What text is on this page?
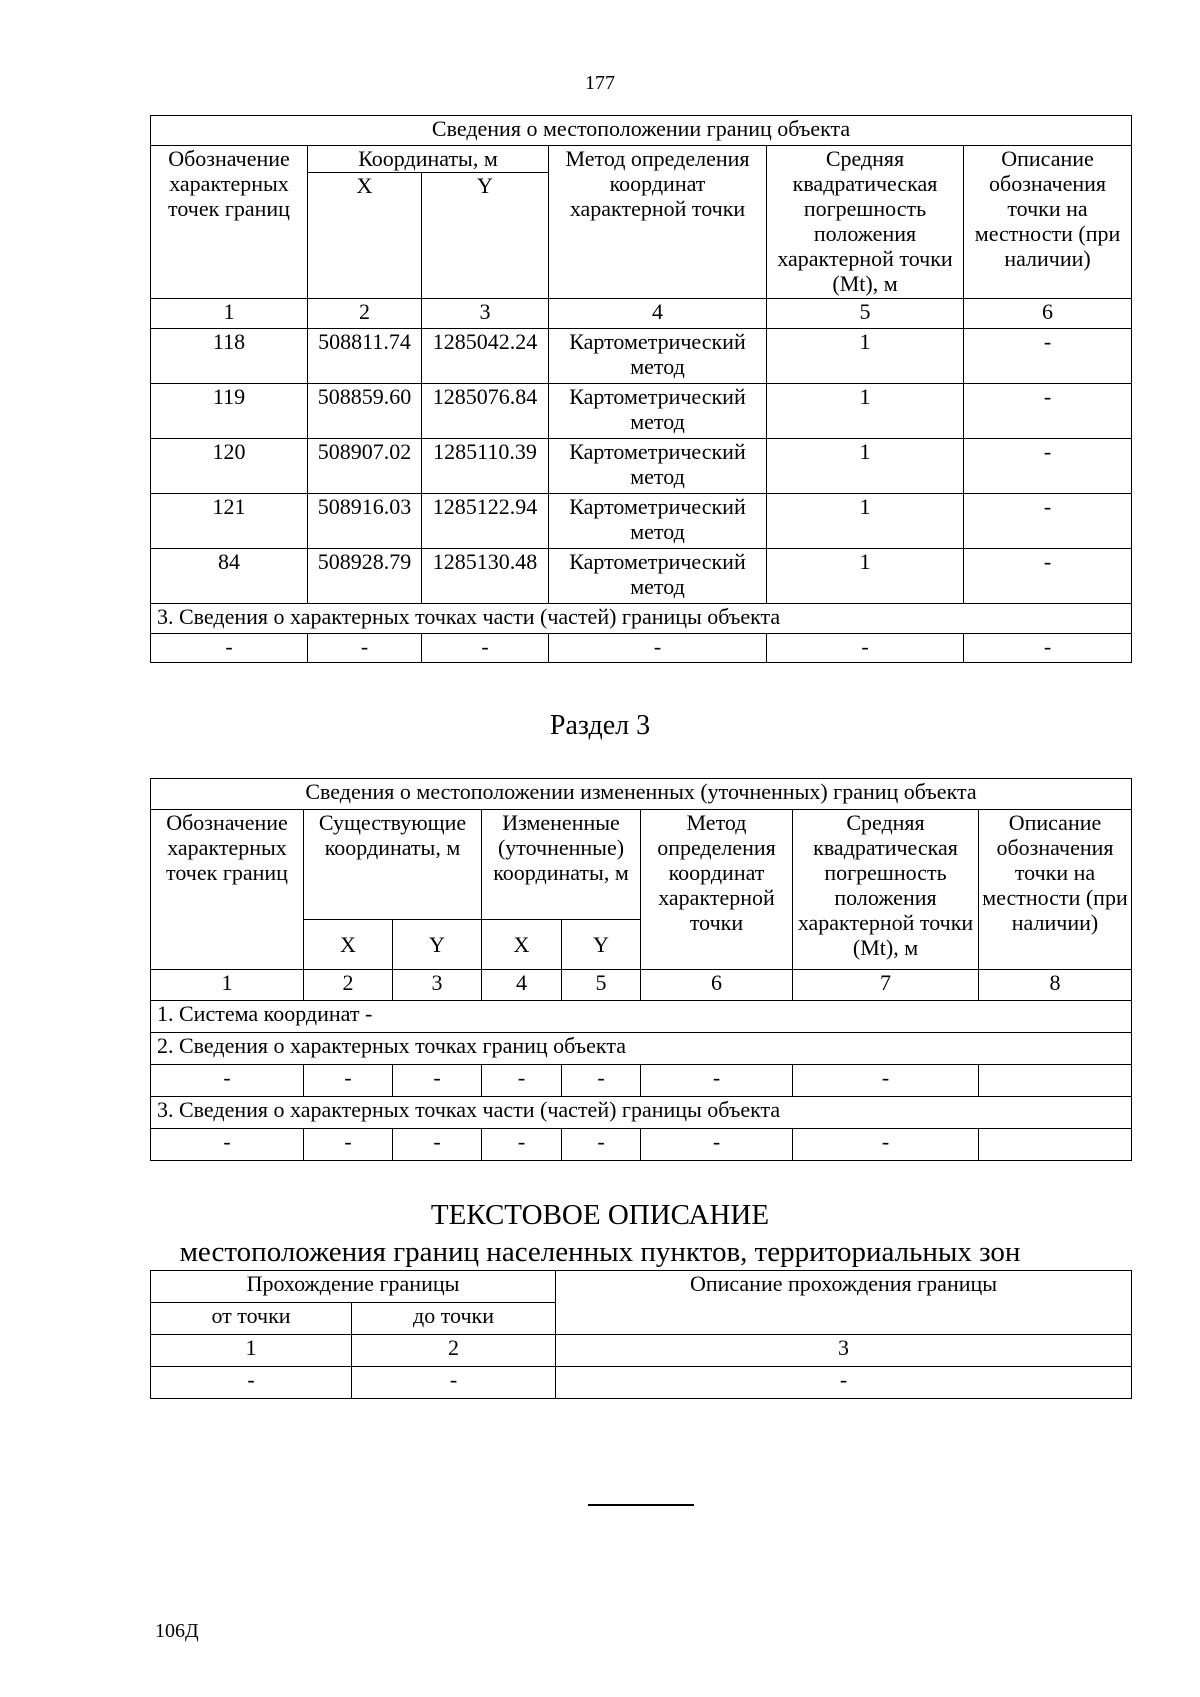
177
Сведения о местоположении границ объекта					
Обозначение характерных точек границ	Координаты, м		Метод определения координат характерной точки	Средняя квадратическая погрешность положения характерной точки (Mt), м	Описание обозначения точки на местности (при наличии)
	X	Y			
1	2	3	4	5	6
118	508811.74	1285042.24	Картометрический метод	1	-
119	508859.60	1285076.84	Картометрический метод	1	-
120	508907.02	1285110.39	Картометрический метод	1	-
121	508916.03	1285122.94	Картометрический метод	1	-
84	508928.79	1285130.48	Картометрический метод	1	-
3. Сведения о характерных точках части (частей) границы объекта					
-	-	-	-	-	-
Раздел 3
Сведения о местоположении измененных (уточненных) границ объекта							
Обозначение характерных точек границ	Существующие координаты, м		Измененные (уточненные) координаты, м		Метод определения координат характерной точки	Средняя квадратическая погрешность положения характерной точки (Mt), м	Описание обозначения точки на местности (при наличии)
	X	Y	X	Y			
1	2	3	4	5	6	7	8
1. Система координат -							
2. Сведения о характерных точках границ объекта							
-	-	-	-	-	-	-	
3. Сведения о характерных точках части (частей) границы объекта							
-	-	-	-	-	-	-	
ТЕКСТОВОЕ ОПИСАНИЕ
местоположения границ населенных пунктов, территориальных зон
Прохождение границы		Описание прохождения границы
от точки	до точки	
1	2	3
-	-	-
106Д
